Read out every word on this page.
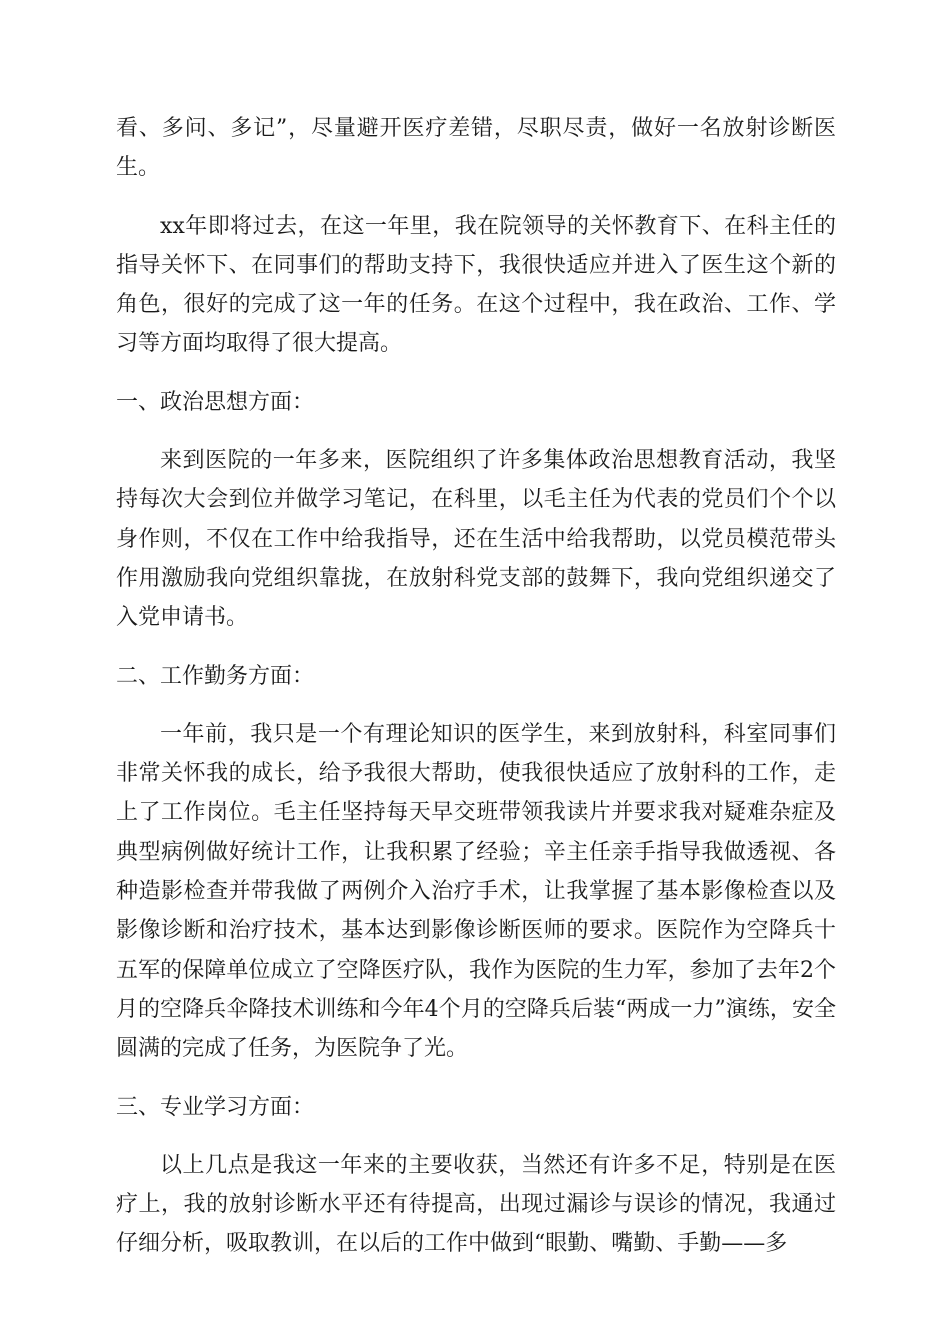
看、多问、多记”，尽量避开医疗差错，尽职尽责，做好一名放射诊断医生。

xx年即将过去，在这一年里，我在院领导的关怀教育下、在科主任的指导关怀下、在同事们的帮助支持下，我很快适应并进入了医生这个新的角色，很好的完成了这一年的任务。在这个过程中，我在政治、工作、学习等方面均取得了很大提高。

一、政治思想方面：

来到医院的一年多来，医院组织了许多集体政治思想教育活动，我坚持每次大会到位并做学习笔记，在科里，以毛主任为代表的党员们个个以身作则，不仅在工作中给我指导，还在生活中给我帮助，以党员模范带头作用激励我向党组织靠拢，在放射科党支部的鼓舞下，我向党组织递交了入党申请书。

二、工作勤务方面：

一年前，我只是一个有理论知识的医学生，来到放射科，科室同事们非常关怀我的成长，给予我很大帮助，使我很快适应了放射科的工作，走上了工作岗位。毛主任坚持每天早交班带领我读片并要求我对疑难杂症及典型病例做好统计工作，让我积累了经验；辛主任亲手指导我做透视、各种造影检查并带我做了两例介入治疗手术，让我掌握了基本影像检查以及影像诊断和治疗技术，基本达到影像诊断医师的要求。医院作为空降兵十五军的保障单位成立了空降医疗队，我作为医院的生力军，参加了去年2个月的空降兵伞降技术训练和今年4个月的空降兵后装“两成一力”演练，安全圆满的完成了任务，为医院争了光。

三、专业学习方面：

以上几点是我这一年来的主要收获，当然还有许多不足，特别是在医疗上，我的放射诊断水平还有待提高，出现过漏诊与误诊的情况，我通过仔细分析，吸取教训，在以后的工作中做到“眼勤、嘴勤、手勤——多
